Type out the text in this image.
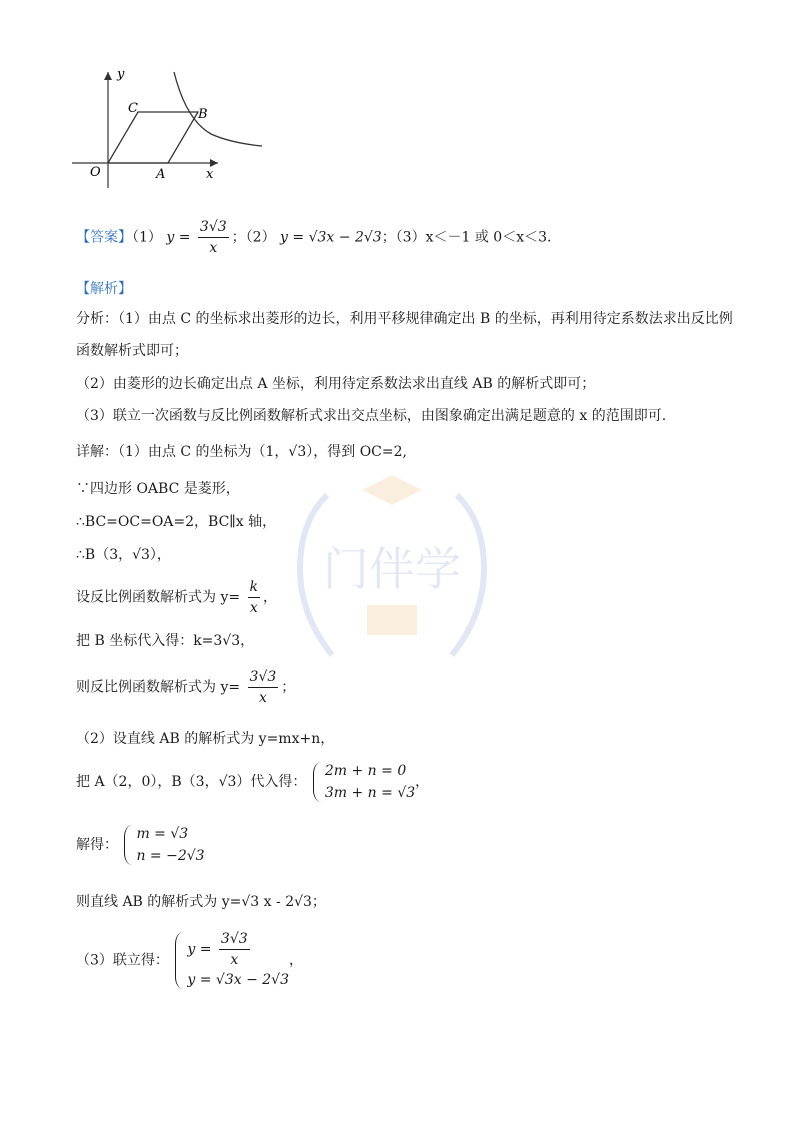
y
x
O	A
B
C
【答案】（1） $y = \frac{3√3}{x}$ ；（2） y = √3x − 2√3；（3）x＜－1 或 0＜x＜3.
【解析】
分析：（1）由点 C 的坐标求出菱形的边长，利用平移规律确定出 B 的坐标，再利用待定系数法求出反比例
函数解析式即可；
（2）由菱形的边长确定出点 A 坐标，利用待定系数法求出直线 AB 的解析式即可；
（3）联立一次函数与反比例函数解析式求出交点坐标，由图象确定出满足题意的 x 的范围即可.
详解：（1）由点 C 的坐标为（1，√3），得到 OC=2,
∵四边形 OABC 是菱形，
∴BC=OC=OA=2，BC∥x 轴，
∴B（3，√3），
设反比例函数解析式为 $y= \frac{k}{x}$ ，
把 B 坐标代入得：k=3√3，
则反比例函数解析式为 $y= \frac{3√3}{x}$ ；
（2）设直线 AB 的解析式为 y=mx+n，
把 A（2，0），B（3，√3）代入得：
2m + n = 0
3m + n = √3
，
解得：
m = √3
n = −2√3
则直线 AB 的解析式为 y=√3 x - 2√3；
（3）联立得：
$y = \frac{3√3}{x}$
y = √3x − 2√3
，
门伴学
